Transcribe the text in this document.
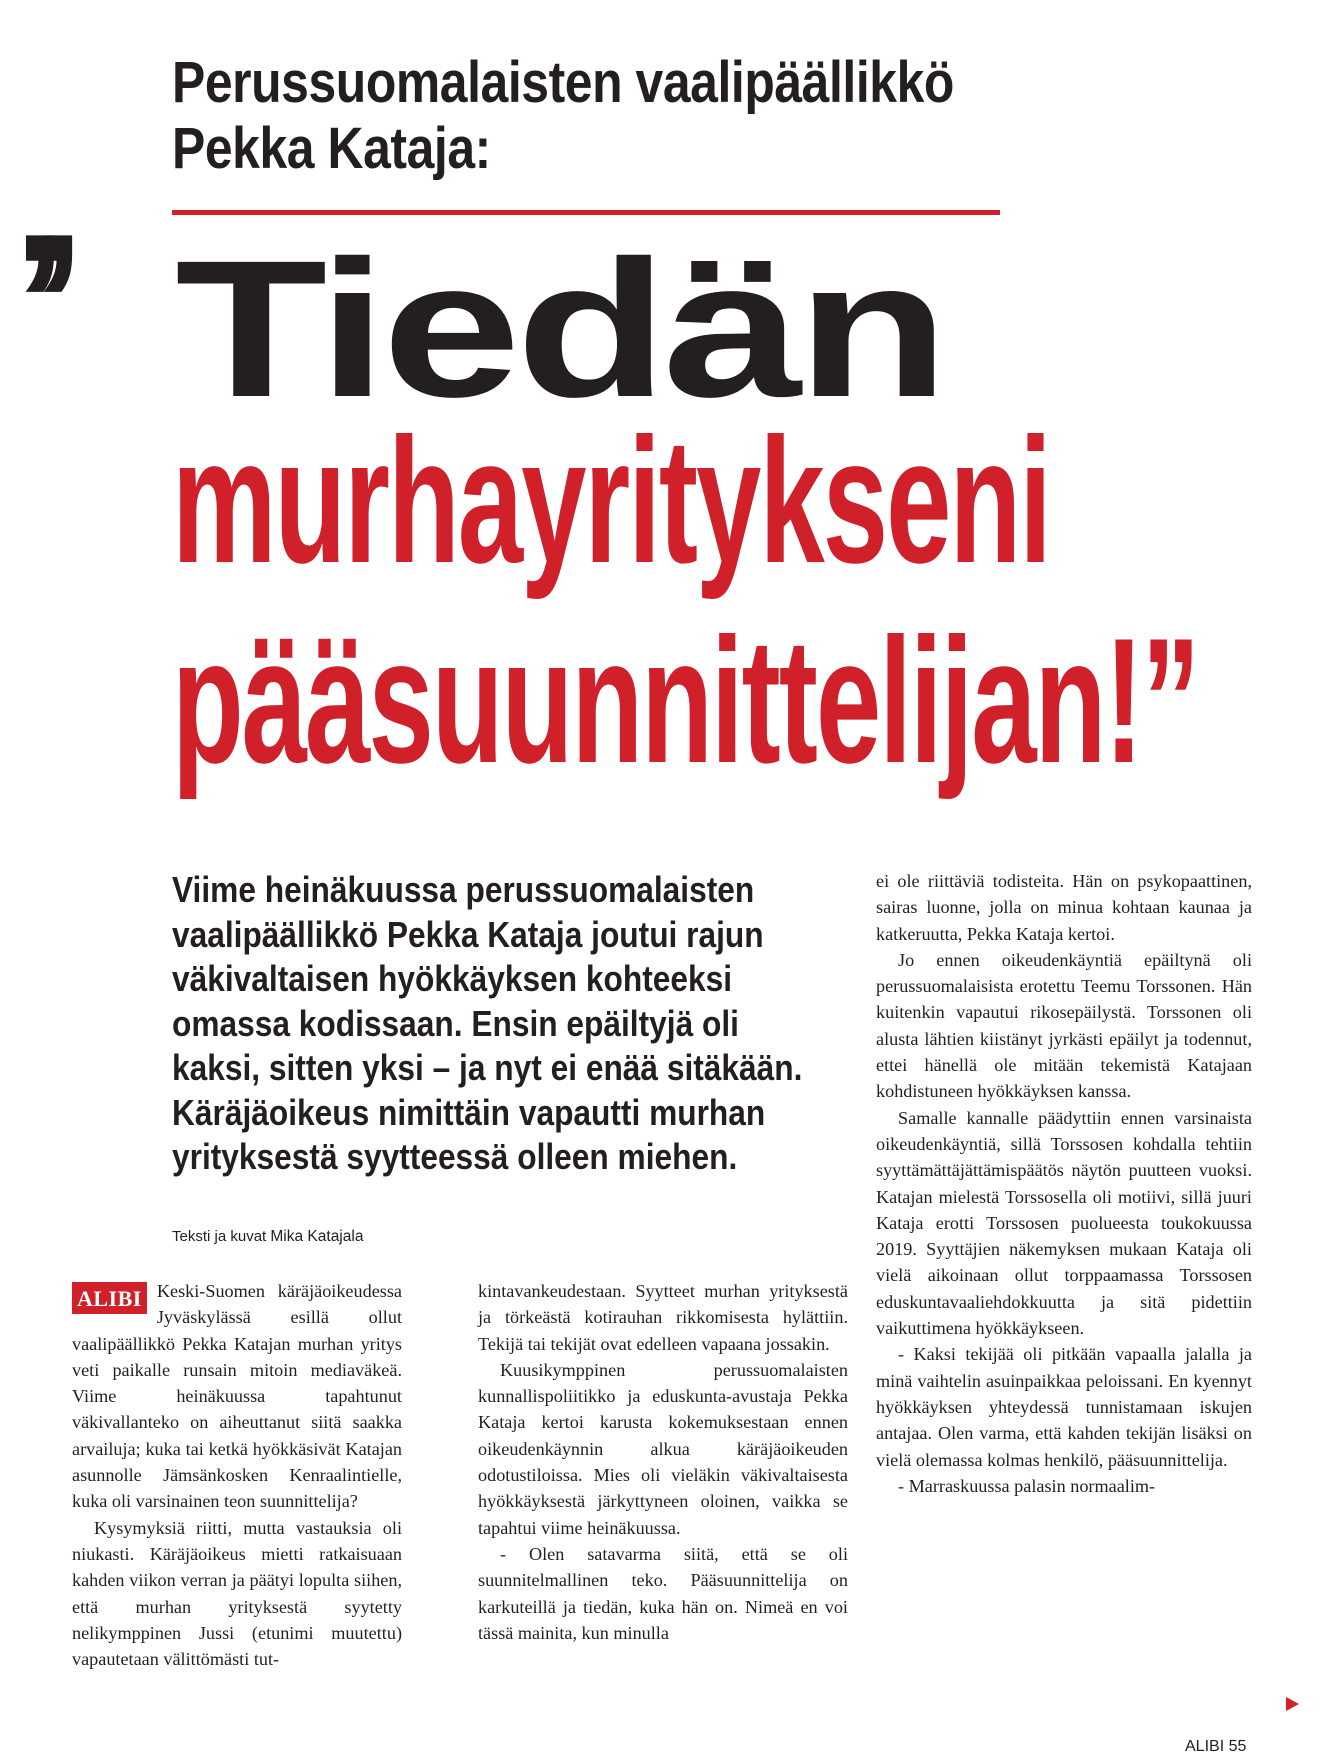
Perussuomalaisten vaalipäällikkö
Pekka Kataja:
’’ Tiedän
murhayritykseni
pääsuunnittelijan!”
Viime heinäkuussa perussuomalaisten
vaalipäällikkö Pekka Kataja joutui rajun
väkivaltaisen hyökkäyksen kohteeksi
omassa kodissaan. Ensin epäiltyjä oli
kaksi, sitten yksi – ja nyt ei enää sitäkään.
Käräjäoikeus nimittäin vapautti murhan
yrityksestä syytteessä olleen miehen.
Teksti ja kuvat Mika Katajala

ALIBI Keski-Suomen käräjäoikeudessa Jyväskylässä esillä ollut vaalipäällikkö Pekka Katajan murhan yritys veti paikalle runsain mitoin mediaväkeä. Viime heinäkuussa tapahtunut väkivallanteko on aiheuttanut siitä saakka arvailuja; kuka tai ketkä hyökkäsivät Katajan asunnolle Jämsänkosken Kenraalintielle, kuka oli varsinainen teon suunnittelija?

Kysymyksiä riitti, mutta vastauksia oli niukasti. Käräjäoikeus mietti ratkaisuaan kahden viikon verran ja päätyi lopulta siihen, että murhan yrityksestä syytetty nelikymppinen Jussi (etunimi muutettu) vapautetaan välittömästi tut-

kintavankeudestaan. Syytteet murhan yrityksestä ja törkeästä kotirauhan rikkomisesta hylättiin. Tekijä tai tekijät ovat edelleen vapaana jossakin.

Kuusikymppinen perussuomalaisten kunnallispoliitikko ja eduskunta-avustaja Pekka Kataja kertoi karusta kokemuksestaan ennen oikeudenkäynnin alkua käräjäoikeuden odotustiloissa. Mies oli vieläkin väkivaltaisesta hyökkäyksestä järkyttyneen oloinen, vaikka se tapahtui viime heinäkuussa.

- Olen satavarma siitä, että se oli suunnitelmallinen teko. Pääsuunnittelija on karkuteillä ja tiedän, kuka hän on. Nimeä en voi tässä mainita, kun minulla

ei ole riittäviä todisteita. Hän on psykopaattinen, sairas luonne, jolla on minua kohtaan kaunaa ja katkeruutta, Pekka Kataja kertoi.

Jo ennen oikeudenkäyntiä epäiltynä oli perussuomalaisista erotettu Teemu Torssonen. Hän kuitenkin vapautui rikosepäilystä. Torssonen oli alusta lähtien kiistänyt jyrkästi epäilyt ja todennut, ettei hänellä ole mitään tekemistä Katajaan kohdistuneen hyökkäyksen kanssa.

Samalle kannalle päädyttiin ennen varsinaista oikeudenkäyntiä, sillä Torssosen kohdalla tehtiin syyttämättäjättämispäätös näytön puutteen vuoksi. Katajan mielestä Torssosella oli motiivi, sillä juuri Kataja erotti Torssosen puolueesta toukokuussa 2019. Syyttäjien näkemyksen mukaan Kataja oli vielä aikoinaan ollut torppaamassa Torssosen eduskuntavaaliehdokkuutta ja sitä pidettiin vaikuttimena hyökkäykseen.

- Kaksi tekijää oli pitkään vapaalla jalalla ja minä vaihtelin asuinpaikkaa peloissani. En kyennyt hyökkäyksen yhteydessä tunnistamaan iskujen antajaa. Olen varma, että kahden tekijän lisäksi on vielä olemassa kolmas henkilö, pääsuunnittelija.

- Marraskuussa palasin normaalim-

ALIBI 55
